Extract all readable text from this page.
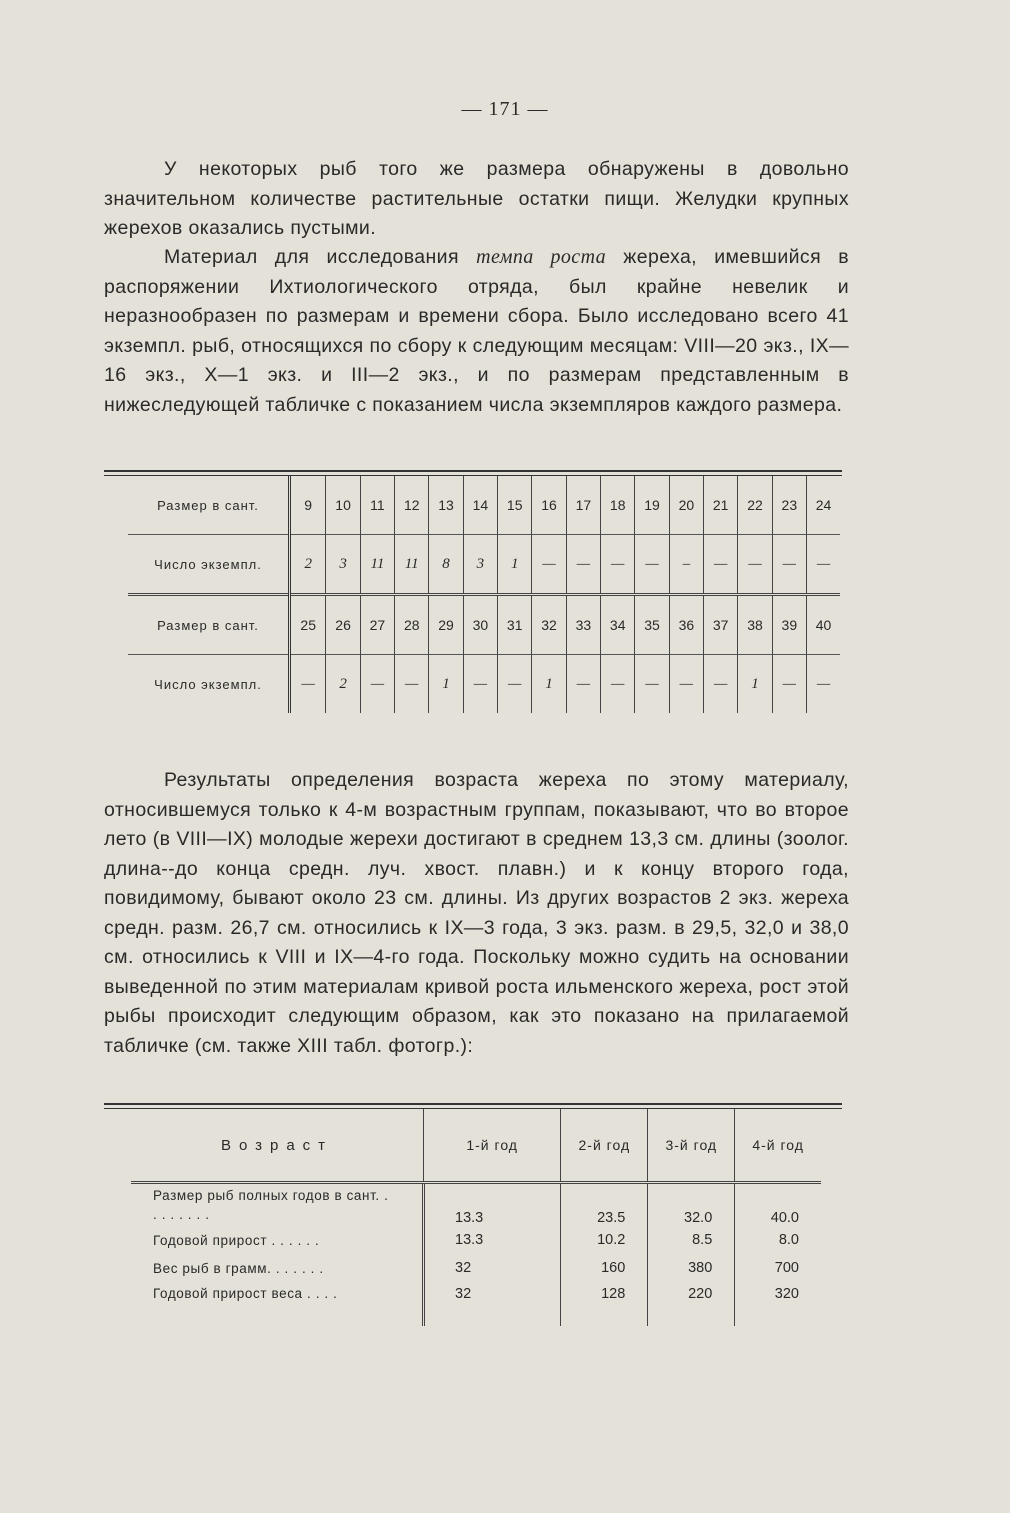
— 171 —

У некоторых рыб того же размера обнаружены в довольно значительном количестве растительные остатки пищи. Желудки крупных жерехов оказались пустыми.

Материал для исследования темпа роста жереха, имевшийся в распоряжении Ихтиологического отряда, был крайне невелик и неразнообразен по размерам и времени сбора. Было исследовано всего 41 экземпл. рыб, относящихся по сбору к следующим месяцам: VIII—20 экз., IX—16 экз., X—1 экз. и III—2 экз., и по размерам представленным в нижеследующей табличке с показанием числа экземпляров каждого размера.

Размер в сант.	9	10	11	12	13	14	15	16	17	18	19	20	21	22	23	24
Число экземпл.	2	3	11	11	8	3	1	—	—	—	—	–	—	—	—	—
Размер в сант.	25	26	27	28	29	30	31	32	33	34	35	36	37	38	39	40
Число экземпл.	—	2	—	—	1	—	—	1	—	—	—	—	—	1	—	—

Результаты определения возраста жереха по этому материалу, относившемуся только к 4-м возрастным группам, показывают, что во второе лето (в VIII—IX) молодые жерехи достигают в среднем 13,3 см. длины (зоолог. длина--до конца средн. луч. хвост. плавн.) и к концу второго года, повидимому, бывают около 23 см. длины. Из других возрастов 2 экз. жереха средн. разм. 26,7 см. относились к IX—3 года, 3 экз. разм. в 29,5, 32,0 и 38,0 см. относились к VIII и IX—4-го года. Поскольку можно судить на основании выведенной по этим материалам кривой роста ильменского жереха, рост этой рыбы происходит следующим образом, как это показано на прилагаемой табличке (см. также XIII табл. фотогр.):

Возраст	1-й год	2-й год	3-й год	4-й год
Размер рыб полных годов в сант. . . . . . . . .	13.3	23.5	32.0	40.0
Годовой прирост . . . . . .	13.3	10.2	8.5	8.0
Вес рыб в грамм. . . . . . .	32	160	380	700
Годовой прирост веса . . . .	32	128	220	320
